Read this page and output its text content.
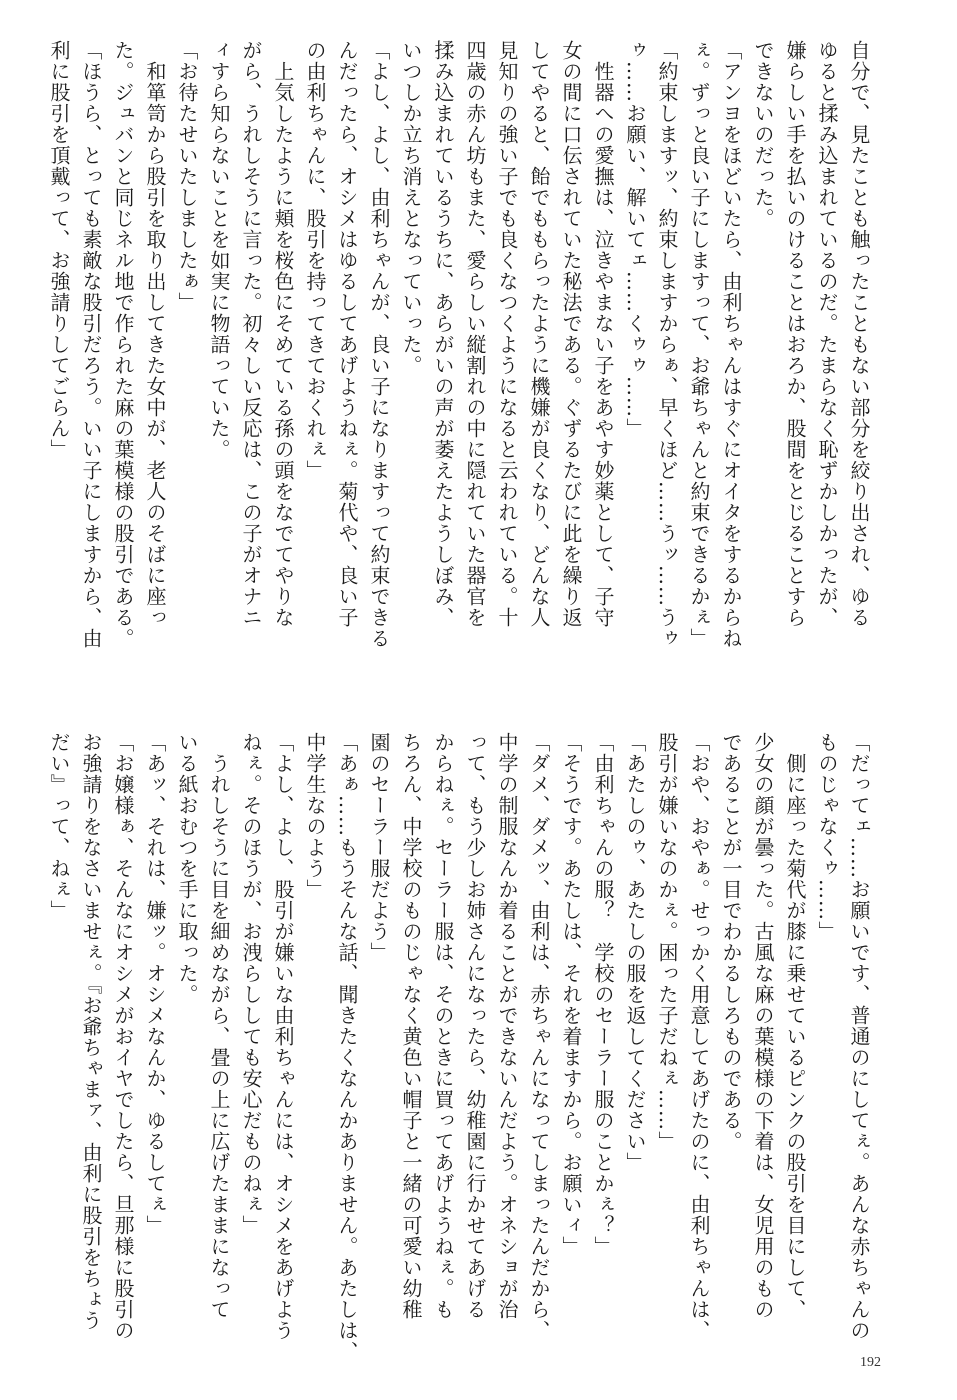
自分で、見たことも触ったこともない部分を絞り出され、ゆる
ゆると揉み込まれているのだ。たまらなく恥ずかしかったが、
嫌らしい手を払いのけることはおろか、股間をとじることすら
できないのだった。
「アンヨをほどいたら、由利ちゃんはすぐにオイタをするからね
ぇ。ずっと良い子にしますって、お爺ちゃんと約束できるかぇ」
「約束しますッ、約束しますからぁ、早くほど……うッ……うゥ
ゥ……お願い、解いてェ……くゥゥ……」
　性器への愛撫は、泣きやまない子をあやす妙薬として、子守
女の間に口伝されていた秘法である。ぐずるたびに此を繰り返
してやると、飴でももらったように機嫌が良くなり、どんな人
見知りの強い子でも良くなつくようになると云われている。十
四歳の赤ん坊もまた、愛らしい縦割れの中に隠れていた器官を
揉み込まれているうちに、あらがいの声が萎えたようしぼみ、
いつしか立ち消えとなっていった。
「よし、よし、由利ちゃんが、良い子になりますって約束できる
んだったら、オシメはゆるしてあげようねぇ。菊代や、良い子
の由利ちゃんに、股引を持ってきておくれぇ」
　上気したように頬を桜色にそめている孫の頭をなでてやりな
がら、うれしそうに言った。初々しい反応は、この子がオナニ
ィすら知らないことを如実に物語っていた。
「お待たせいたしましたぁ」
　和箪笥から股引を取り出してきた女中が、老人のそばに座っ
た。ジュバンと同じネル地で作られた麻の葉模様の股引である。
「ほうら、とっても素敵な股引だろう。いい子にしますから、由
利に股引を頂戴って、お強請りしてごらん」
「だってェ……お願いです、普通のにしてぇ。あんな赤ちゃんの
ものじゃなくゥ……」
　側に座った菊代が膝に乗せているピンクの股引を目にして、
少女の顔が曇った。古風な麻の葉模様の下着は、女児用のもの
であることが一目でわかるしろものである。
「おや、おやぁ。せっかく用意してあげたのに、由利ちゃんは、
股引が嫌いなのかぇ。困った子だねぇ……」
「あたしのゥ、あたしの服を返してください」
「由利ちゃんの服？　学校のセーラー服のことかぇ？」
「そうです。あたしは、それを着ますから。お願いィ」
「ダメ、ダメッ、由利は、赤ちゃんになってしまったんだから、
中学の制服なんか着ることができないんだよう。オネショが治
って、もう少しお姉さんになったら、幼稚園に行かせてあげる
からねぇ。セーラー服は、そのときに買ってあげようねぇ。も
ちろん、中学校のものじゃなく黄色い帽子と一緒の可愛い幼稚
園のセーラー服だよう」
「あぁ……もうそんな話、聞きたくなんかありません。あたしは、
中学生なのよう」
「よし、よし、股引が嫌いな由利ちゃんには、オシメをあげよう
ねぇ。そのほうが、お洩らししても安心だものねぇ」
　うれしそうに目を細めながら、畳の上に広げたままになって
いる紙おむつを手に取った。
「あッ、それは、嫌ッ。オシメなんか、ゆるしてぇ」
「お嬢様ぁ、そんなにオシメがおイヤでしたら、旦那様に股引の
お強請りをなさいませぇ。『お爺ちゃまァ、由利に股引をちょう
だい』って、ねぇ」
192
